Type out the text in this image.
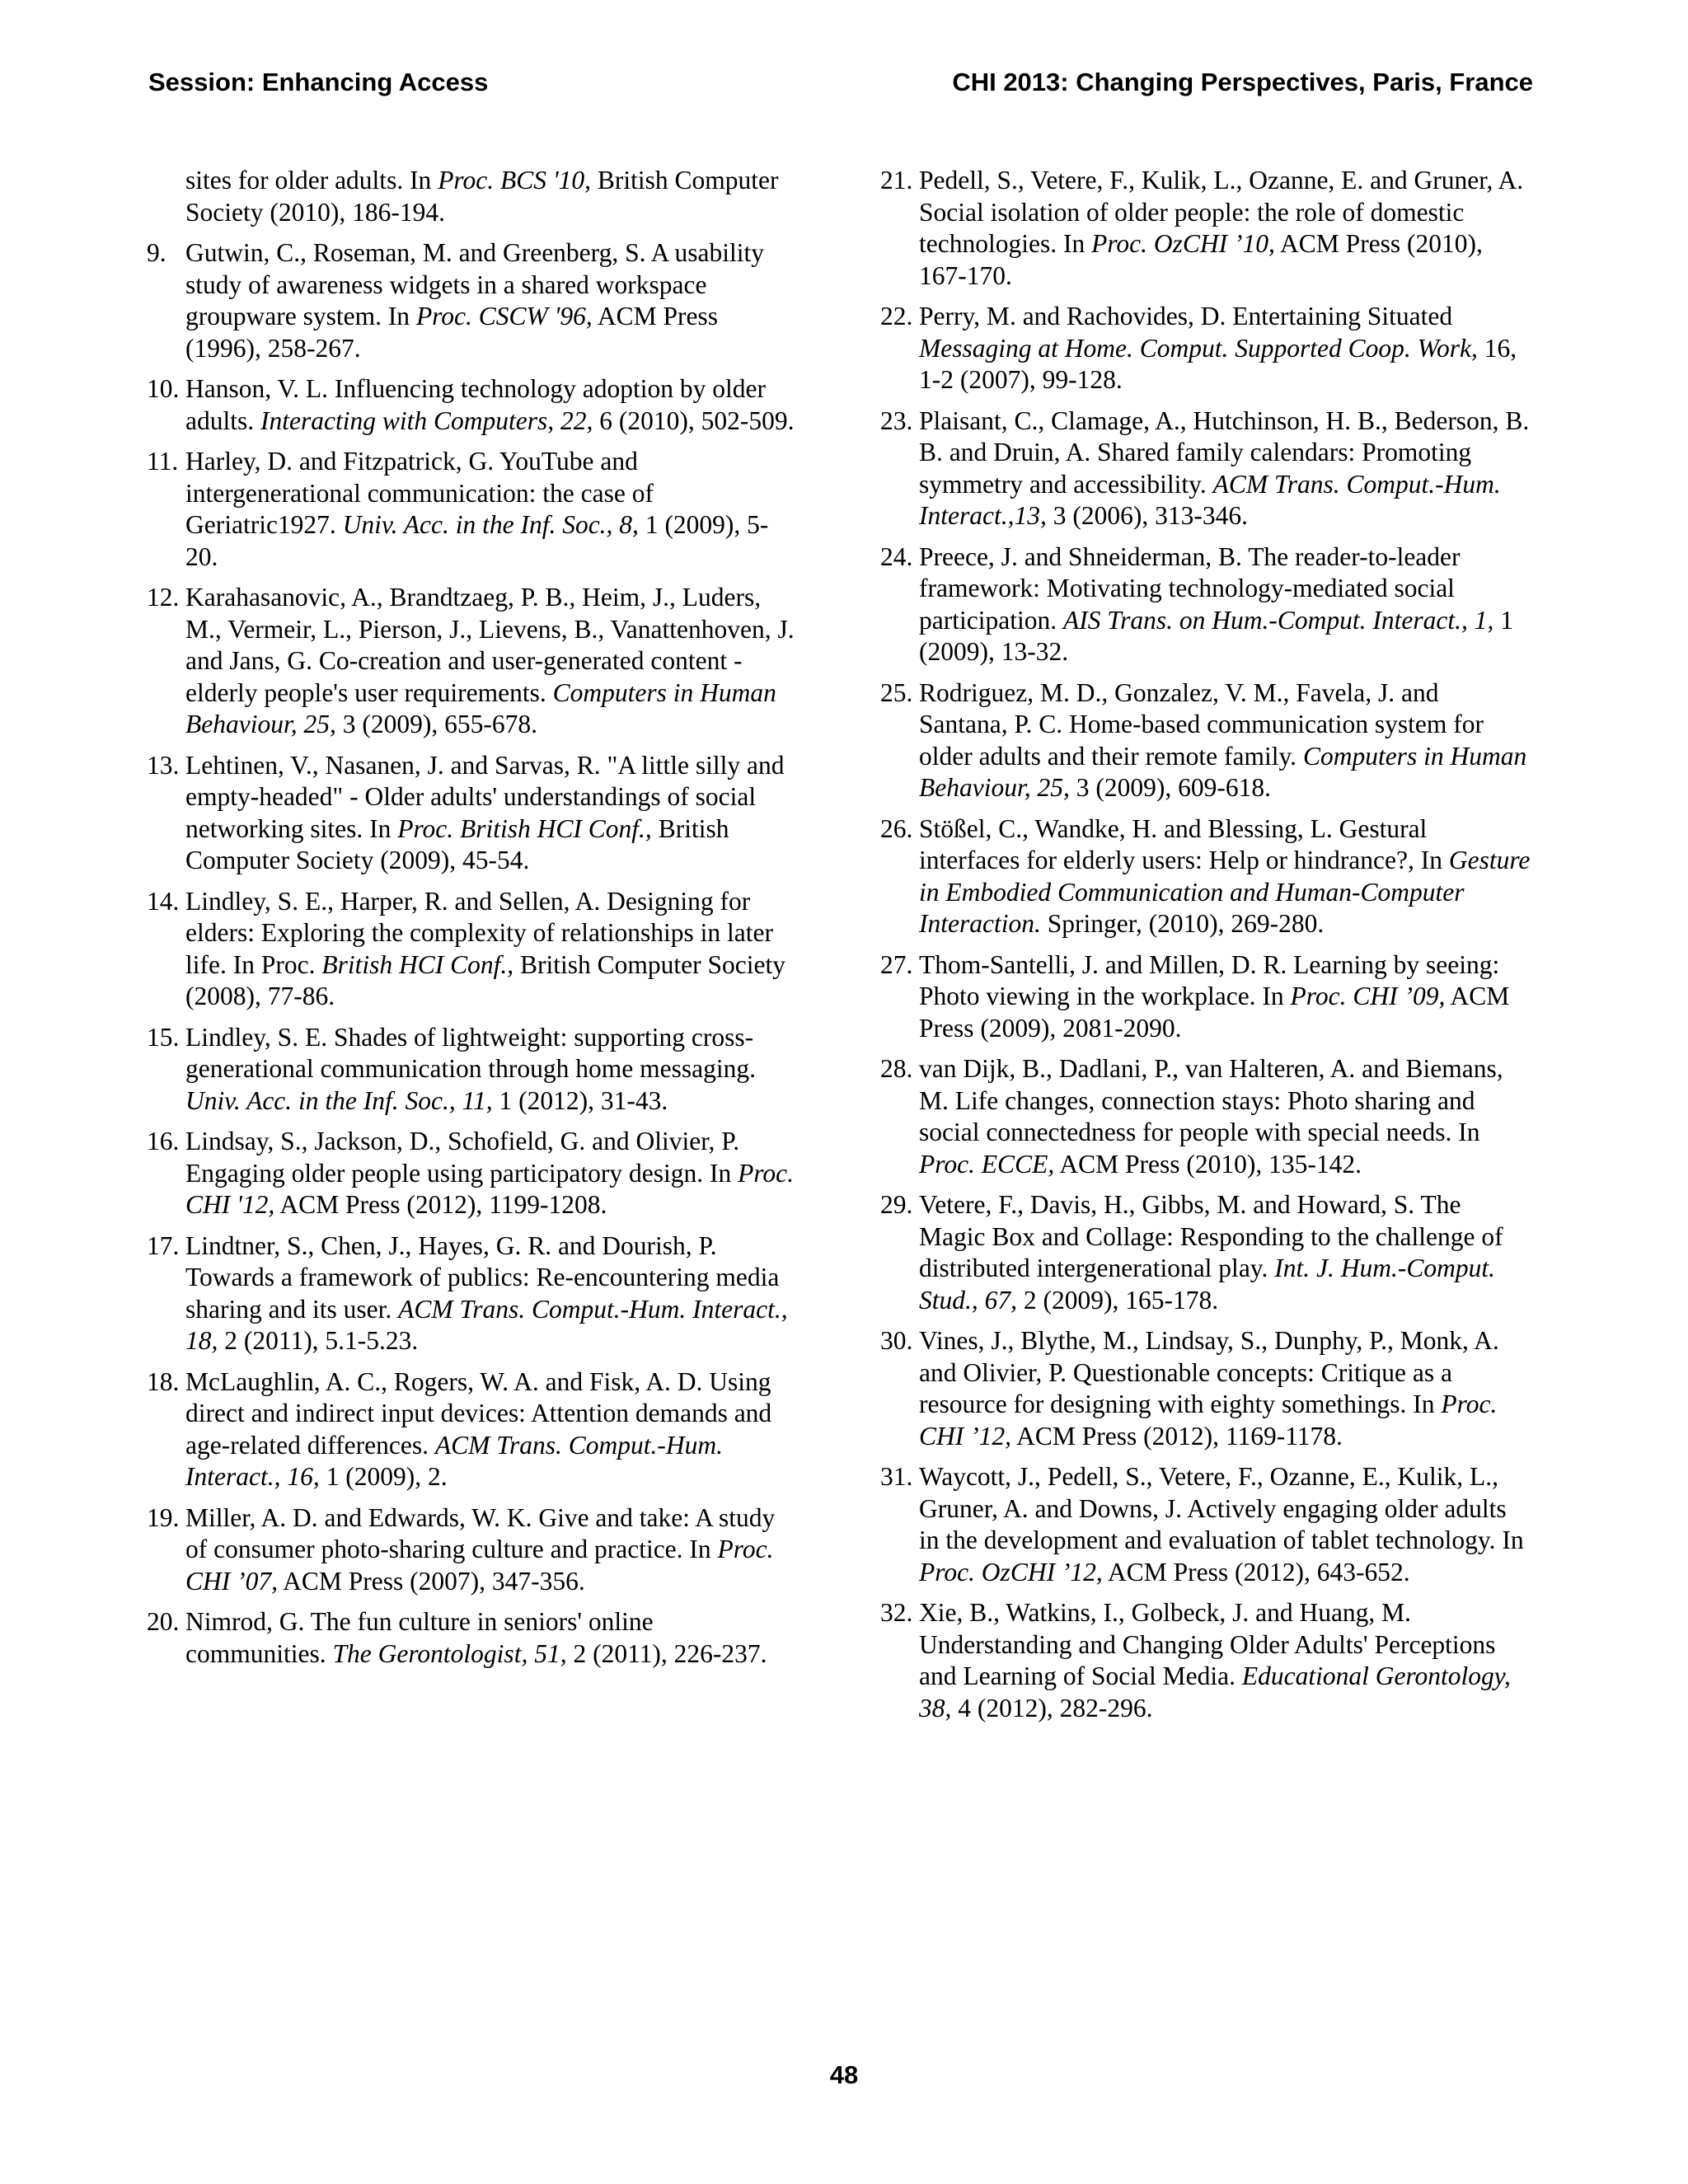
Session: Enhancing Access	CHI 2013: Changing Perspectives, Paris, France
sites for older adults. In Proc. BCS '10, British Computer Society (2010), 186-194.
9. Gutwin, C., Roseman, M. and Greenberg, S. A usability study of awareness widgets in a shared workspace groupware system. In Proc. CSCW '96, ACM Press (1996), 258-267.
10. Hanson, V. L. Influencing technology adoption by older adults. Interacting with Computers, 22, 6 (2010), 502-509.
11. Harley, D. and Fitzpatrick, G. YouTube and intergenerational communication: the case of Geriatric1927. Univ. Acc. in the Inf. Soc., 8, 1 (2009), 5-20.
12. Karahasanovic, A., Brandtzaeg, P. B., Heim, J., Luders, M., Vermeir, L., Pierson, J., Lievens, B., Vanattenhoven, J. and Jans, G. Co-creation and user-generated content - elderly people's user requirements. Computers in Human Behaviour, 25, 3 (2009), 655-678.
13. Lehtinen, V., Nasanen, J. and Sarvas, R. "A little silly and empty-headed" - Older adults' understandings of social networking sites. In Proc. British HCI Conf., British Computer Society (2009), 45-54.
14. Lindley, S. E., Harper, R. and Sellen, A. Designing for elders: Exploring the complexity of relationships in later life. In Proc. British HCI Conf., British Computer Society (2008), 77-86.
15. Lindley, S. E. Shades of lightweight: supporting cross-generational communication through home messaging. Univ. Acc. in the Inf. Soc., 11, 1 (2012), 31-43.
16. Lindsay, S., Jackson, D., Schofield, G. and Olivier, P. Engaging older people using participatory design. In Proc. CHI '12, ACM Press (2012), 1199-1208.
17. Lindtner, S., Chen, J., Hayes, G. R. and Dourish, P. Towards a framework of publics: Re-encountering media sharing and its user. ACM Trans. Comput.-Hum. Interact., 18, 2 (2011), 5.1-5.23.
18. McLaughlin, A. C., Rogers, W. A. and Fisk, A. D. Using direct and indirect input devices: Attention demands and age-related differences. ACM Trans. Comput.-Hum. Interact., 16, 1 (2009), 2.
19. Miller, A. D. and Edwards, W. K. Give and take: A study of consumer photo-sharing culture and practice. In Proc. CHI ’07, ACM Press (2007), 347-356.
20. Nimrod, G. The fun culture in seniors' online communities. The Gerontologist, 51, 2 (2011), 226-237.
21. Pedell, S., Vetere, F., Kulik, L., Ozanne, E. and Gruner, A. Social isolation of older people: the role of domestic technologies. In Proc. OzCHI ’10, ACM Press (2010), 167-170.
22. Perry, M. and Rachovides, D. Entertaining Situated Messaging at Home. Comput. Supported Coop. Work, 16, 1-2 (2007), 99-128.
23. Plaisant, C., Clamage, A., Hutchinson, H. B., Bederson, B. B. and Druin, A. Shared family calendars: Promoting symmetry and accessibility. ACM Trans. Comput.-Hum. Interact.,13, 3 (2006), 313-346.
24. Preece, J. and Shneiderman, B. The reader-to-leader framework: Motivating technology-mediated social participation. AIS Trans. on Hum.-Comput. Interact., 1, 1 (2009), 13-32.
25. Rodriguez, M. D., Gonzalez, V. M., Favela, J. and Santana, P. C. Home-based communication system for older adults and their remote family. Computers in Human Behaviour, 25, 3 (2009), 609-618.
26. Stößel, C., Wandke, H. and Blessing, L. Gestural interfaces for elderly users: Help or hindrance?, In Gesture in Embodied Communication and Human-Computer Interaction. Springer, (2010), 269-280.
27. Thom-Santelli, J. and Millen, D. R. Learning by seeing: Photo viewing in the workplace. In Proc. CHI ’09, ACM Press (2009), 2081-2090.
28. van Dijk, B., Dadlani, P., van Halteren, A. and Biemans, M. Life changes, connection stays: Photo sharing and social connectedness for people with special needs. In Proc. ECCE, ACM Press (2010), 135-142.
29. Vetere, F., Davis, H., Gibbs, M. and Howard, S. The Magic Box and Collage: Responding to the challenge of distributed intergenerational play. Int. J. Hum.-Comput. Stud., 67, 2 (2009), 165-178.
30. Vines, J., Blythe, M., Lindsay, S., Dunphy, P., Monk, A. and Olivier, P. Questionable concepts: Critique as a resource for designing with eighty somethings. In Proc. CHI ’12, ACM Press (2012), 1169-1178.
31. Waycott, J., Pedell, S., Vetere, F., Ozanne, E., Kulik, L., Gruner, A. and Downs, J. Actively engaging older adults in the development and evaluation of tablet technology. In Proc. OzCHI ’12, ACM Press (2012), 643-652.
32. Xie, B., Watkins, I., Golbeck, J. and Huang, M. Understanding and Changing Older Adults' Perceptions and Learning of Social Media. Educational Gerontology, 38, 4 (2012), 282-296.
48
